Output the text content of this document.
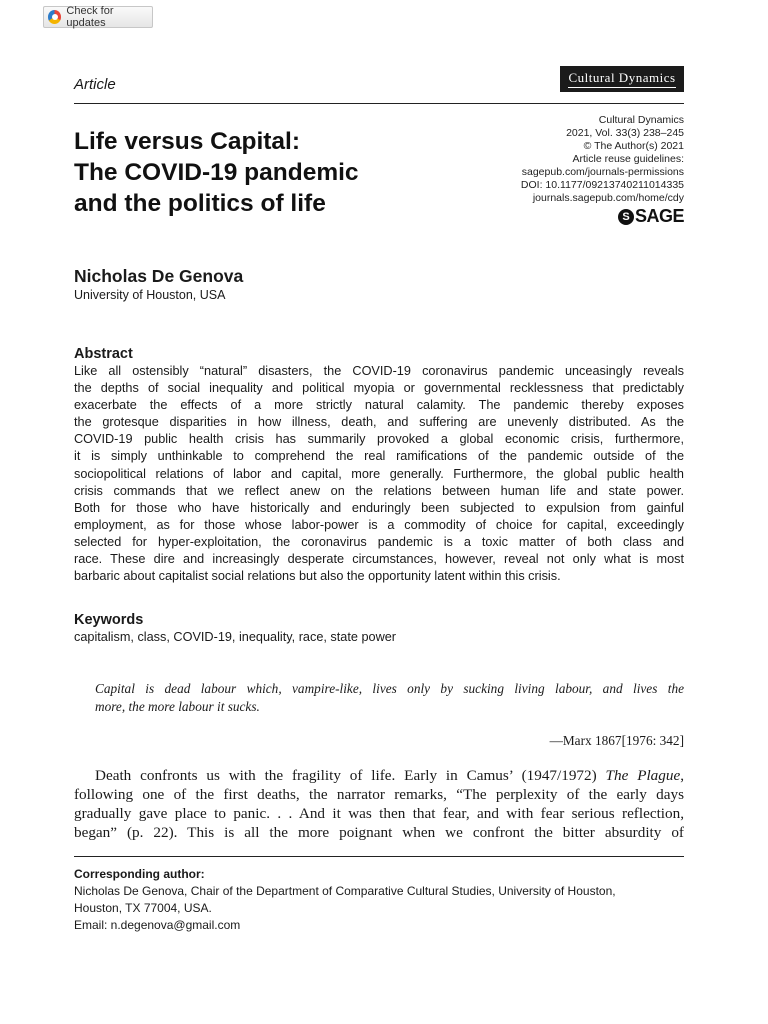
Check for updates
Article	Cultural Dynamics
Life versus Capital:
The COVID-19 pandemic
and the politics of life
Cultural Dynamics
2021, Vol. 33(3) 238–245
© The Author(s) 2021
Article reuse guidelines:
sagepub.com/journals-permissions
DOI: 10.1177/09213740211014335
journals.sagepub.com/home/cdy
S SAGE
Nicholas De Genova
University of Houston, USA
Abstract
Like all ostensibly “natural” disasters, the COVID-19 coronavirus pandemic unceasingly reveals
the depths of social inequality and political myopia or governmental recklessness that predictably
exacerbate the effects of a more strictly natural calamity. The pandemic thereby exposes
the grotesque disparities in how illness, death, and suffering are unevenly distributed. As the
COVID-19 public health crisis has summarily provoked a global economic crisis, furthermore,
it is simply unthinkable to comprehend the real ramifications of the pandemic outside of the
sociopolitical relations of labor and capital, more generally. Furthermore, the global public health
crisis commands that we reflect anew on the relations between human life and state power.
Both for those who have historically and enduringly been subjected to expulsion from gainful
employment, as for those whose labor-power is a commodity of choice for capital, exceedingly
selected for hyper-exploitation, the coronavirus pandemic is a toxic matter of both class and
race. These dire and increasingly desperate circumstances, however, reveal not only what is most
barbaric about capitalist social relations but also the opportunity latent within this crisis.
Keywords
capitalism, class, COVID-19, inequality, race, state power
Capital is dead labour which, vampire-like, lives only by sucking living labour, and lives the
more, the more labour it sucks.
—Marx 1867[1976: 342]
Death confronts us with the fragility of life. Early in Camus’ (1947/1972) The Plague,
following one of the first deaths, the narrator remarks, “The perplexity of the early days
gradually gave place to panic. . . And it was then that fear, and with fear serious reflection,
began” (p. 22). This is all the more poignant when we confront the bitter absurdity of
Corresponding author:
Nicholas De Genova, Chair of the Department of Comparative Cultural Studies, University of Houston,
Houston, TX 77004, USA.
Email: n.degenova@gmail.com
